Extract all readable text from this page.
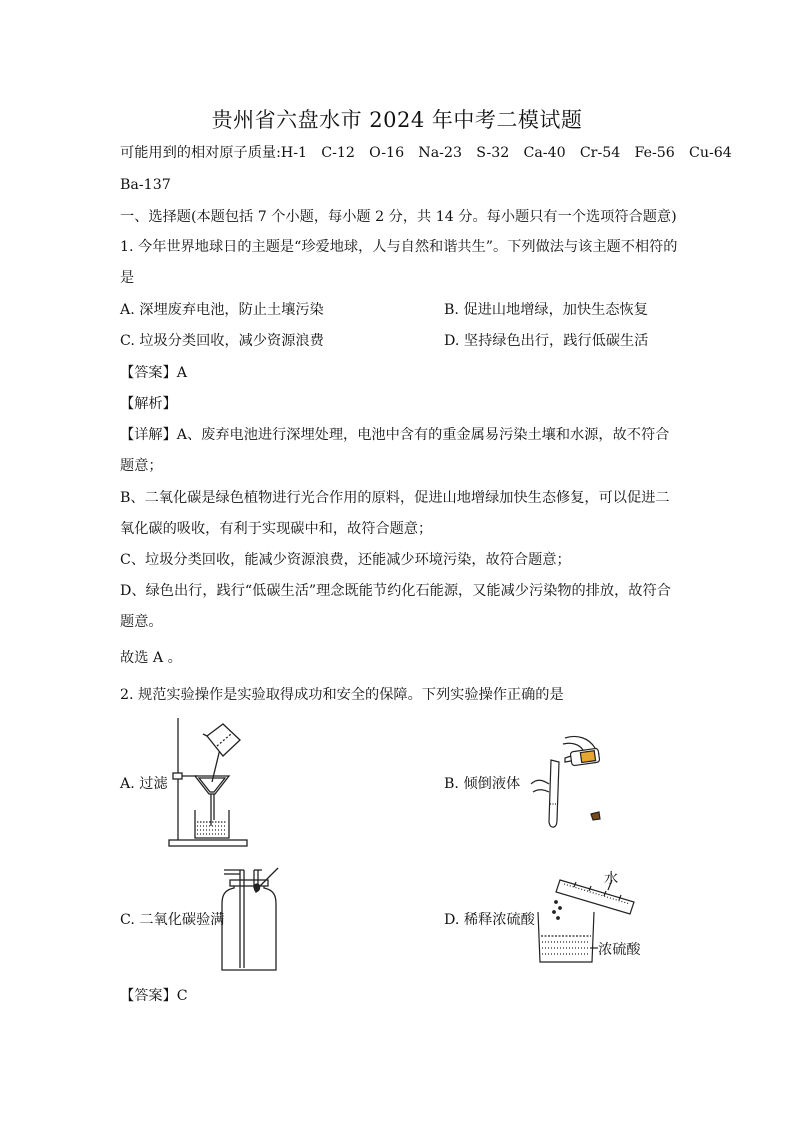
贵州省六盘水市 2024 年中考二模试题
可能用到的相对原子质量:H-1　C-12　O-16　Na-23　S-32　Ca-40　Cr-54　Fe-56　Cu-64
Ba-137
一、选择题(本题包括 7 个小题，每小题 2 分，共 14 分。每小题只有一个选项符合题意)
1. 今年世界地球日的主题是“珍爱地球，人与自然和谐共生”。下列做法与该主题不相符的
是
A. 深埋废弃电池，防止土壤污染	B. 促进山地增绿，加快生态恢复
C. 垃圾分类回收，减少资源浪费	D. 坚持绿色出行，践行低碳生活
【答案】A
【解析】
【详解】A、废弃电池进行深埋处理，电池中含有的重金属易污染土壤和水源，故不符合
题意；
B、二氧化碳是绿色植物进行光合作用的原料，促进山地增绿加快生态修复，可以促进二
氧化碳的吸收，有利于实现碳中和，故符合题意；
C、垃圾分类回收，能减少资源浪费，还能减少环境污染，故符合题意；
D、绿色出行，践行“低碳生活”理念既能节约化石能源，又能减少污染物的排放，故符合
题意。
故选 A 。
2. 规范实验操作是实验取得成功和安全的保障。下列实验操作正确的是
A. 过滤	B. 倾倒液体
C. 二氧化碳验满	D. 稀释浓硫酸
水
浓硫酸
【答案】C
